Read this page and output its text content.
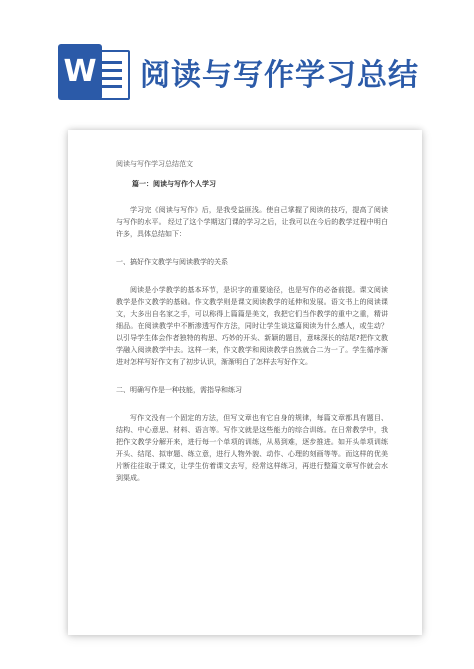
W 阅读与写作学习总结
阅读与写作学习总结范文
篇一：阅读与写作个人学习
学习完《阅读与写作》后，是我受益匪浅。使自己掌握了阅读的技巧，提高了阅读与写作的水平。 经过了这个学期这门课的学习之后，让我可以在今后的教学过程中明白许多，具体总结如下：
一、搞好作文教学与阅读教学的关系
阅读是小学教学的基本环节，是识字的重要途径，也是写作的必备前提。课文阅读教学是作文教学的基础。作文教学则是课文阅读教学的延伸和发展。语文书上的阅读课文，大多出自名家之手，可以称得上篇篇是美文，我把它们当作教学的重中之重，精讲细品。在阅读教学中不断渗透写作方法，同时让学生谈这篇阅读为什么感人，或生动？以引导学生体会作者独特的构思、巧妙的开头、新颖的题目，意味深长的结尾?把作文教学融入阅读教学中去。这样一来，作文教学和阅读教学自然就合二为一了。学生循序渐进对怎样写好作文有了初步认识，渐渐明白了怎样去写好作文。
二、明确写作是一种技能，需指导和练习
写作文没有一个固定的方法，但写文章也有它自身的规律，每篇文章都具有题目、结构、中心意思、材料、语言等。写作文就是这些能力的综合训练。在日常教学中，我把作文教学分解开来，进行每一个单项的训练，从易到难，逐步推进。如开头单项训练开头、结尾、拟审题、练立意，进行人物外貌、动作、心理的刻画等等。而这样的优美片断往往取于课文，让学生仿着课文去写，经常这样练习，再进行整篇文章写作就会水到渠成。
